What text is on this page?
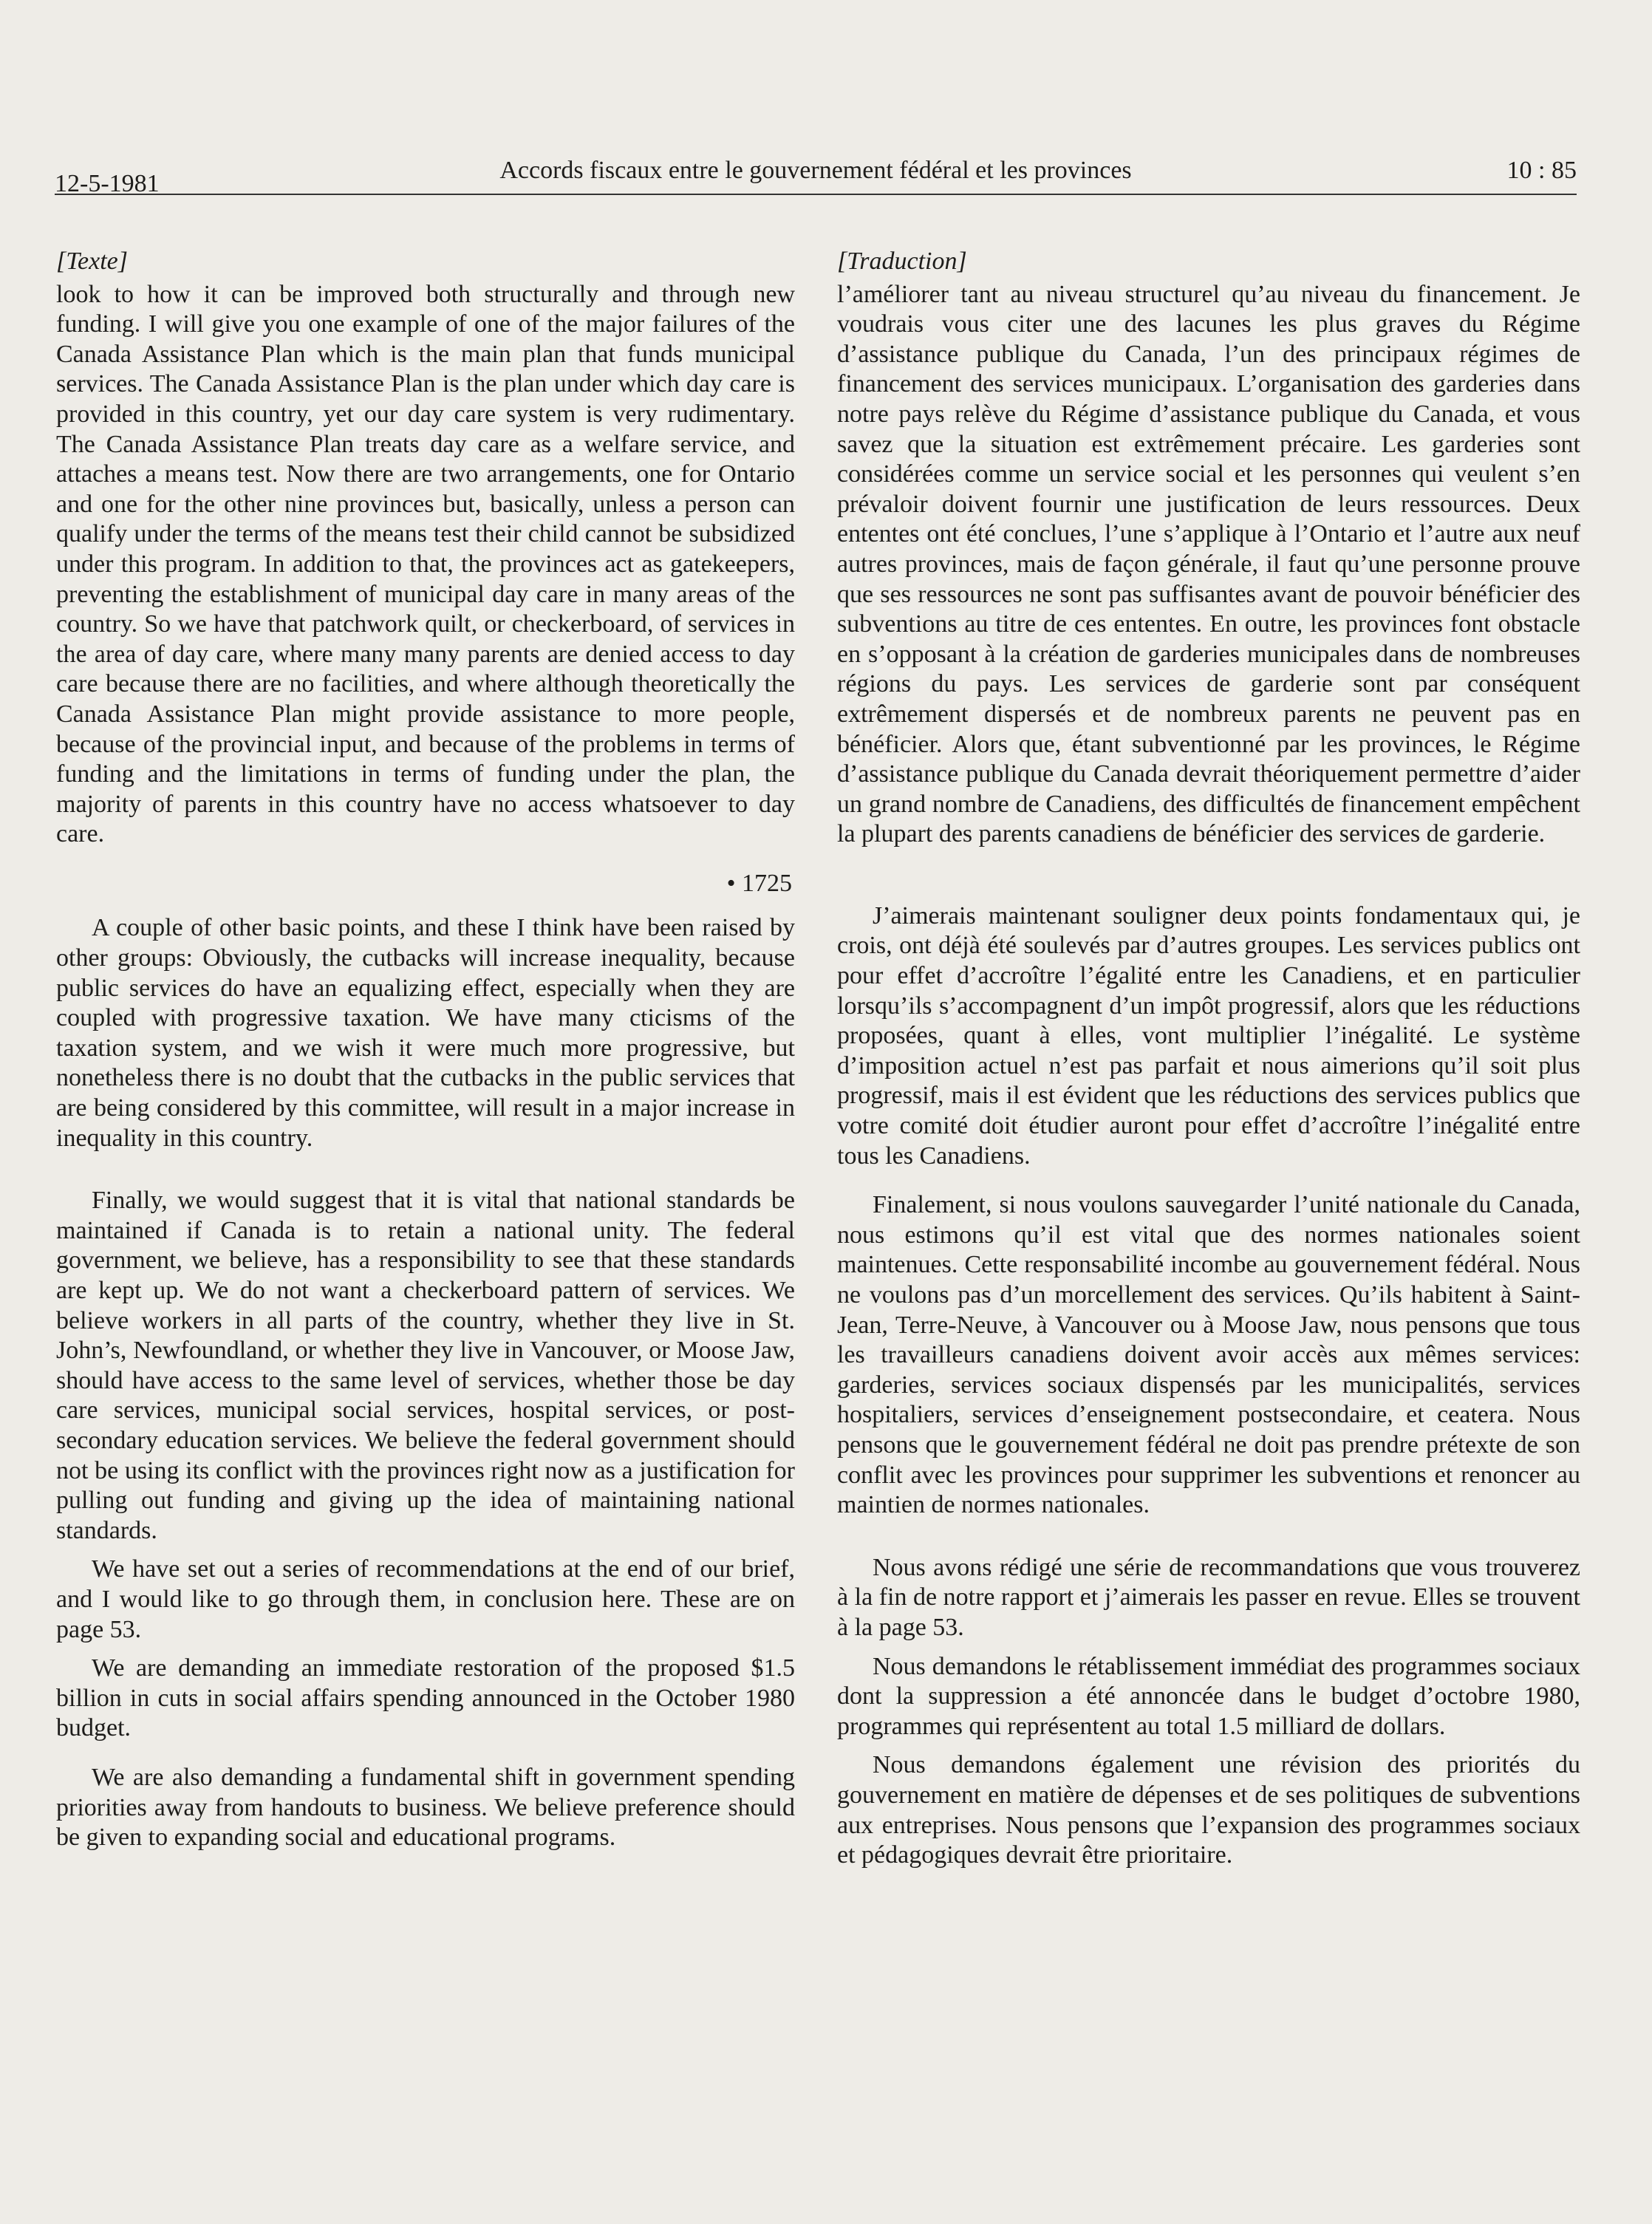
12-5-1981	Accords fiscaux entre le gouvernement fédéral et les provinces	10 : 85
[Texte]

look to how it can be improved both structurally and through new funding. I will give you one example of one of the major failures of the Canada Assistance Plan which is the main plan that funds municipal services. The Canada Assistance Plan is the plan under which day care is provided in this country, yet our day care system is very rudimentary. The Canada Assistance Plan treats day care as a welfare service, and attaches a means test. Now there are two arrangements, one for Ontario and one for the other nine provinces but, basically, unless a person can qualify under the terms of the means test their child cannot be subsidized under this program. In addition to that, the provinces act as gatekeepers, preventing the establishment of municipal day care in many areas of the country. So we have that patchwork quilt, or checkerboard, of services in the area of day care, where many many parents are denied access to day care because there are no facilities, and where although theoretically the Canada Assistance Plan might provide assistance to more people, because of the provincial input, and because of the problems in terms of funding and the limitations in terms of funding under the plan, the majority of parents in this country have no access whatsoever to day care.

• 1725

A couple of other basic points, and these I think have been raised by other groups: Obviously, the cutbacks will increase inequality, because public services do have an equalizing effect, especially when they are coupled with progressive taxation. We have many cticisms of the taxation system, and we wish it were much more progressive, but nonetheless there is no doubt that the cutbacks in the public services that are being considered by this committee, will result in a major increase in inequality in this country.

Finally, we would suggest that it is vital that national standards be maintained if Canada is to retain a national unity. The federal government, we believe, has a responsibility to see that these standards are kept up. We do not want a checkerboard pattern of services. We believe workers in all parts of the country, whether they live in St. John’s, Newfoundland, or whether they live in Vancouver, or Moose Jaw, should have access to the same level of services, whether those be day care services, municipal social services, hospital services, or post-secondary education services. We believe the federal government should not be using its conflict with the provinces right now as a justification for pulling out funding and giving up the idea of maintaining national standards.

We have set out a series of recommendations at the end of our brief, and I would like to go through them, in conclusion here. These are on page 53.

We are demanding an immediate restoration of the proposed $1.5 billion in cuts in social affairs spending announced in the October 1980 budget.

We are also demanding a fundamental shift in government spending priorities away from handouts to business. We believe preference should be given to expanding social and educational programs.

[Traduction]

l’améliorer tant au niveau structurel qu’au niveau du financement. Je voudrais vous citer une des lacunes les plus graves du Régime d’assistance publique du Canada, l’un des principaux régimes de financement des services municipaux. L’organisation des garderies dans notre pays relève du Régime d’assistance publique du Canada, et vous savez que la situation est extrêmement précaire. Les garderies sont considérées comme un service social et les personnes qui veulent s’en prévaloir doivent fournir une justification de leurs ressources. Deux ententes ont été conclues, l’une s’applique à l’Ontario et l’autre aux neuf autres provinces, mais de façon générale, il faut qu’une personne prouve que ses ressources ne sont pas suffisantes avant de pouvoir bénéficier des subventions au titre de ces ententes. En outre, les provinces font obstacle en s’opposant à la création de garderies municipales dans de nombreuses régions du pays. Les services de garderie sont par conséquent extrêmement dispersés et de nombreux parents ne peuvent pas en bénéficier. Alors que, étant subventionné par les provinces, le Régime d’assistance publique du Canada devrait théoriquement permettre d’aider un grand nombre de Canadiens, des difficultés de financement empêchent la plupart des parents canadiens de bénéficier des services de garderie.

J’aimerais maintenant souligner deux points fondamentaux qui, je crois, ont déjà été soulevés par d’autres groupes. Les services publics ont pour effet d’accroître l’égalité entre les Canadiens, et en particulier lorsqu’ils s’accompagnent d’un impôt progressif, alors que les réductions proposées, quant à elles, vont multiplier l’inégalité. Le système d’imposition actuel n’est pas parfait et nous aimerions qu’il soit plus progressif, mais il est évident que les réductions des services publics que votre comité doit étudier auront pour effet d’accroître l’inégalité entre tous les Canadiens.

Finalement, si nous voulons sauvegarder l’unité nationale du Canada, nous estimons qu’il est vital que des normes nationales soient maintenues. Cette responsabilité incombe au gouvernement fédéral. Nous ne voulons pas d’un morcellement des services. Qu’ils habitent à Saint-Jean, Terre-Neuve, à Vancouver ou à Moose Jaw, nous pensons que tous les travailleurs canadiens doivent avoir accès aux mêmes services: garderies, services sociaux dispensés par les municipalités, services hospitaliers, services d’enseignement postsecondaire, et ceatera. Nous pensons que le gouvernement fédéral ne doit pas prendre prétexte de son conflit avec les provinces pour supprimer les subventions et renoncer au maintien de normes nationales.

Nous avons rédigé une série de recommandations que vous trouverez à la fin de notre rapport et j’aimerais les passer en revue. Elles se trouvent à la page 53.

Nous demandons le rétablissement immédiat des programmes sociaux dont la suppression a été annoncée dans le budget d’octobre 1980, programmes qui représentent au total 1.5 milliard de dollars.

Nous demandons également une révision des priorités du gouvernement en matière de dépenses et de ses politiques de subventions aux entreprises. Nous pensons que l’expansion des programmes sociaux et pédagogiques devrait être prioritaire.
